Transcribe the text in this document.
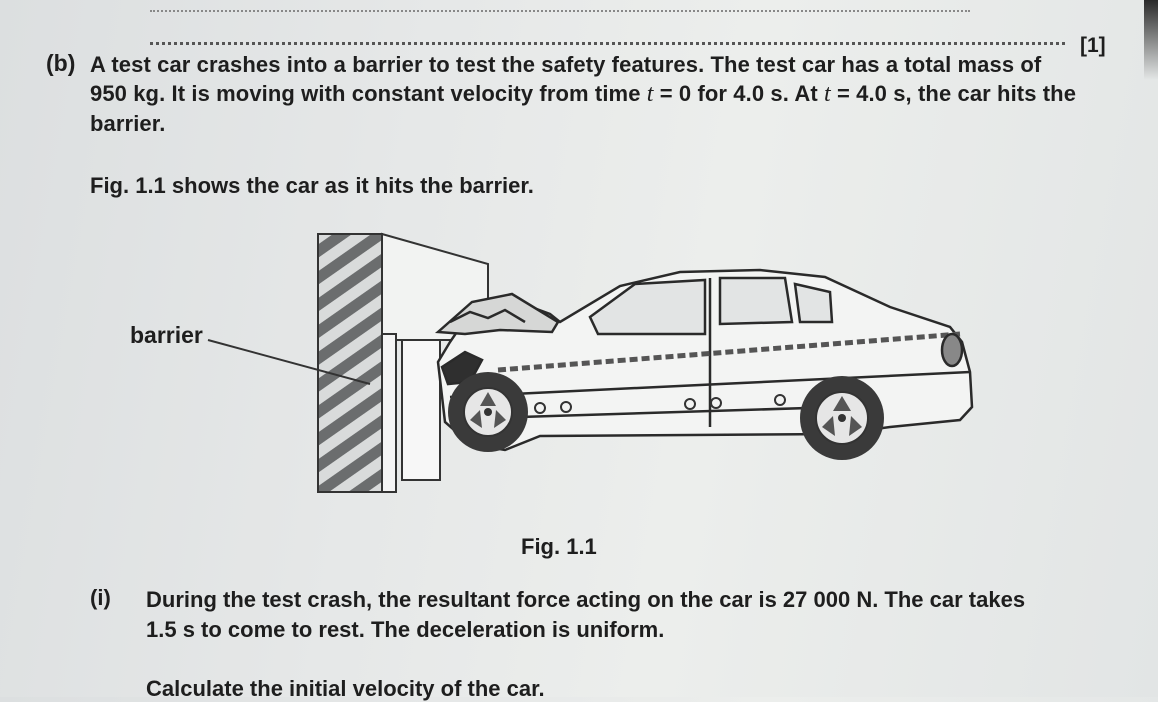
[1]
(b) A test car crashes into a barrier to test the safety features. The test car has a total mass of
950 kg. It is moving with constant velocity from time t = 0 for 4.0 s. At t = 4.0 s, the car hits the
barrier.
Fig. 1.1 shows the car as it hits the barrier.
barrier
Fig. 1.1
(i) During the test crash, the resultant force acting on the car is 27 000 N. The car takes
1.5 s to come to rest. The deceleration is uniform.
Calculate the initial velocity of the car.
